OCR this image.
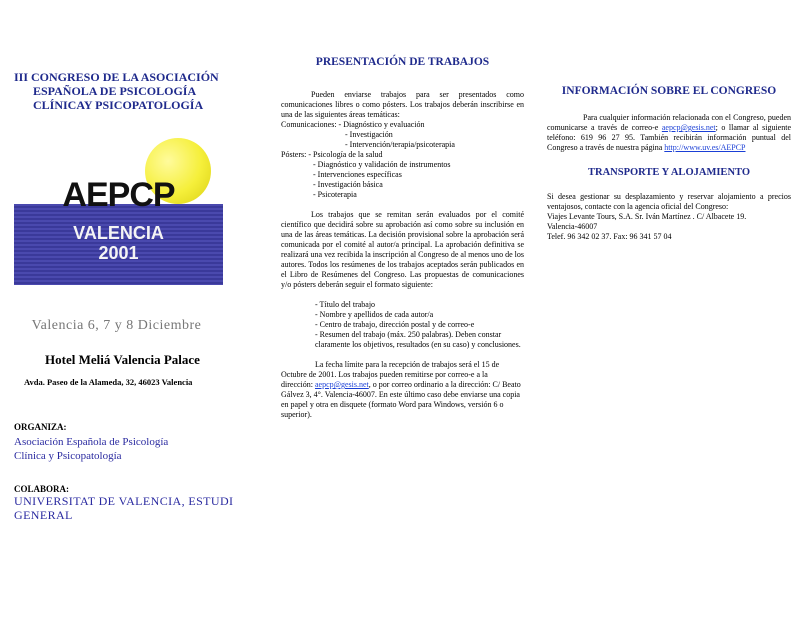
III CONGRESO DE LA ASOCIACIÓN
ESPAÑOLA DE PSICOLOGÍA
CLÍNICAY PSICOPATOLOGÍA
AEPCP
VALENCIA
2001
Valencia 6, 7 y 8 Diciembre
Hotel Meliá Valencia Palace
Avda. Paseo de la Alameda, 32, 46023 Valencia
ORGANIZA:
Asociación Española de Psicología
Clínica y Psicopatología
COLABORA:
UNIVERSITAT DE VALENCIA, ESTUDI
GENERAL
PRESENTACIÓN DE TRABAJOS
Pueden enviarse trabajos para ser presentados como comunicaciones libres o como pósters. Los trabajos deberán inscribirse en una de las siguientes áreas temáticas:
Comunicaciones: - Diagnóstico y evaluación
- Investigación
- Intervención/terapia/psicoterapia
Pósters: - Psicología de la salud
- Diagnóstico y validación de instrumentos
- Intervenciones específicas
- Investigación básica
- Psicoterapia
Los trabajos que se remitan serán evaluados por el comité científico que decidirá sobre su aprobación así como sobre su inclusión en una de las áreas temáticas. La decisión provisional sobre la aprobación será comunicada por el comité al autor/a principal. La aprobación definitiva se realizará una vez recibida la inscripción al Congreso de al menos uno de los autores. Todos los resúmenes de los trabajos aceptados serán publicados en el Libro de Resúmenes del Congreso. Las propuestas de comunicaciones y/o pósters deberán seguir el formato siguiente:
- Título del trabajo
- Nombre y apellidos de cada autor/a
- Centro de trabajo, dirección postal y de correo-e
- Resumen del trabajo (máx. 250 palabras). Deben constar claramente los objetivos, resultados (en su caso) y conclusiones.
La fecha límite para la recepción de trabajos será el 15 de Octubre de 2001. Los trabajos pueden remitirse por correo-e a la dirección: aepcp@gesis.net, o por correo ordinario a la dirección: C/ Beato Gálvez 3, 4°. Valencia-46007. En este último caso debe enviarse una copia en papel y otra en disquete (formato Word para Windows, versión 6 o superior).
INFORMACIÓN SOBRE EL CONGRESO
Para cualquier información relacionada con el Congreso, pueden comunicarse a través de correo-e aepcp@gesis.net; o llamar al siguiente teléfono: 619 96 27 95. También recibirán información puntual del Congreso a través de nuestra página http://www.uv.es/AEPCP
TRANSPORTE Y ALOJAMIENTO
Si desea gestionar su desplazamiento y reservar alojamiento a precios ventajosos, contacte con la agencia oficial del Congreso:
Viajes Levante Tours, S.A. Sr. Iván Martínez . C/ Albacete 19.
Valencia-46007
Telef. 96 342 02 37. Fax: 96 341 57 04
